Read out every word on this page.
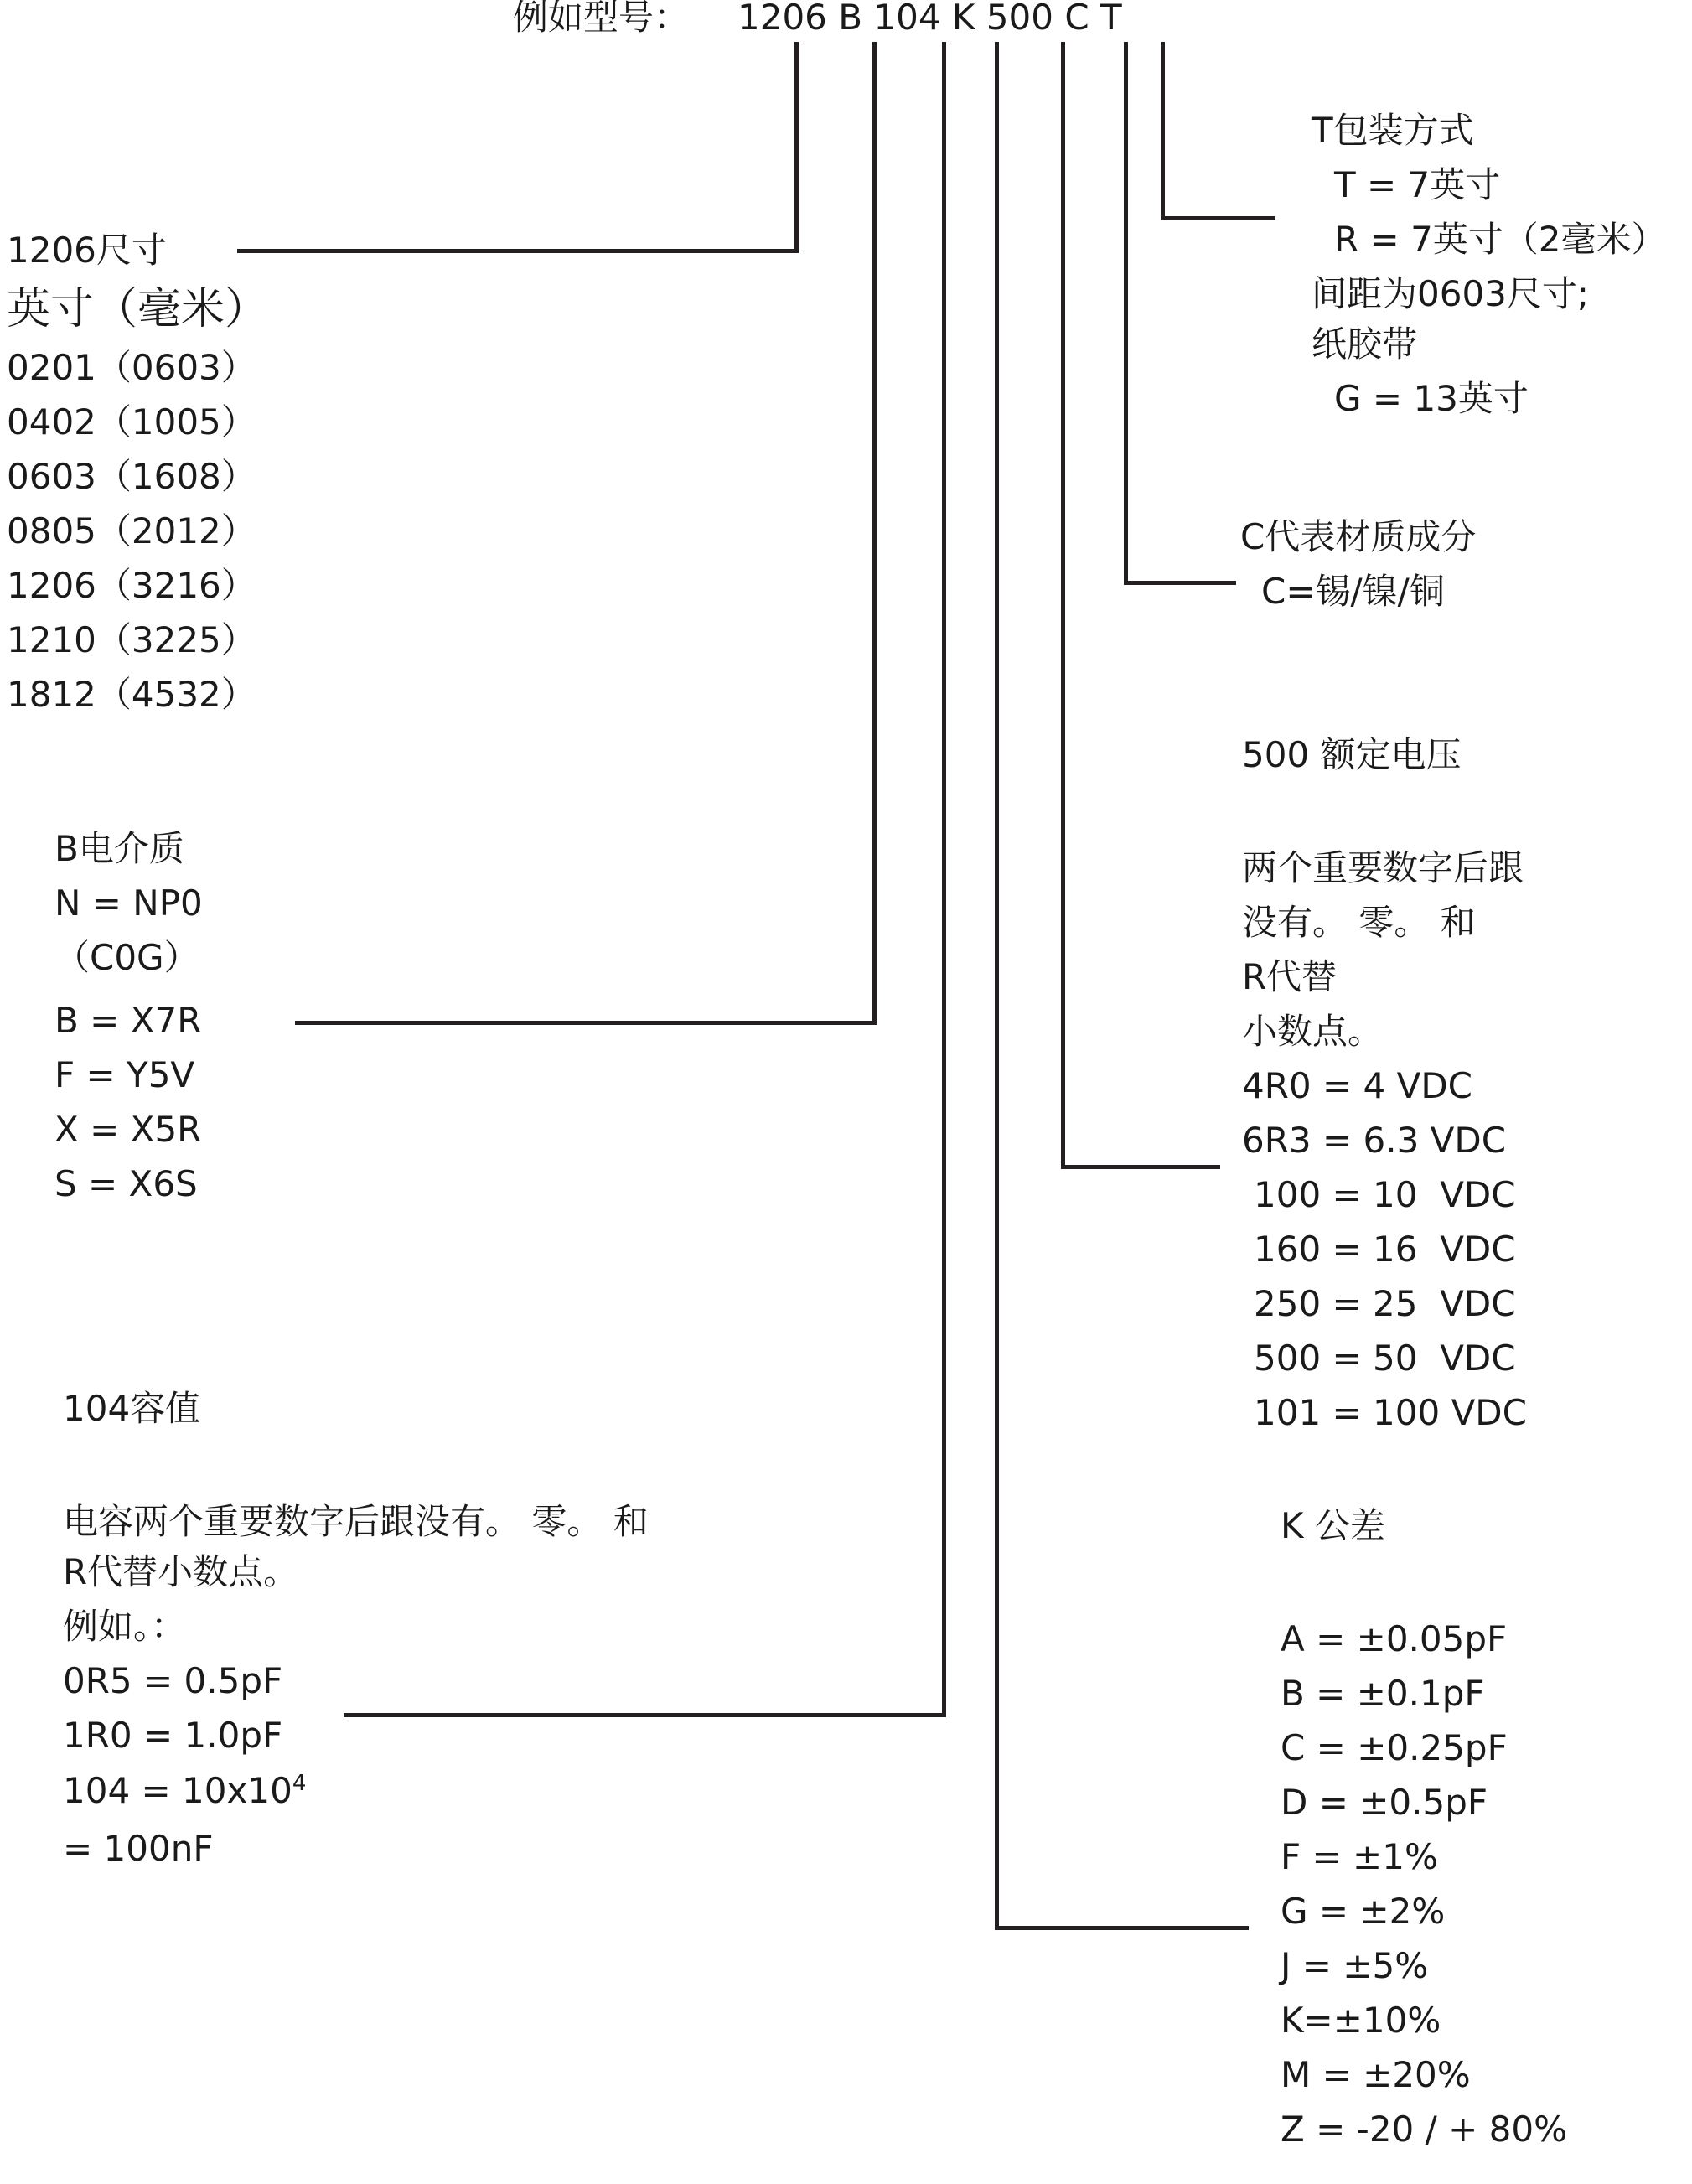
例如型号： 1206 B 104 K 500 C T
1206尺寸
英寸（毫米）
0201（0603）
0402（1005）
0603（1608）
0805（2012）
1206（3216）
1210（3225）
1812（4532）
B电介质
N = NP0
（C0G）
B = X7R
F = Y5V
X = X5R
S = X6S
104容值
电容两个重要数字后跟没有。 零。 和
R代替小数点。
例如。：
0R5 = 0.5pF
1R0 = 1.0pF
$104 = 10x10^4$
= 100nF
T包装方式
T = 7英寸
R = 7英寸（2毫米）
间距为0603尺寸;
纸胶带
G = 13英寸
C代表材质成分
C=锡/镍/铜
500 额定电压
两个重要数字后跟
没有。 零。 和
R代替
小数点。
4R0 = 4 VDC
6R3 = 6.3 VDC
100 = 10  VDC
160 = 16  VDC
250 = 25  VDC
500 = 50  VDC
101 = 100 VDC
K 公差
A = ±0.05pF
B = ±0.1pF
C = ±0.25pF
D = ±0.5pF
F = ±1%
G = ±2%
J = ±5%
K=±10%
M = ±20%
Z = -20 / + 80%
